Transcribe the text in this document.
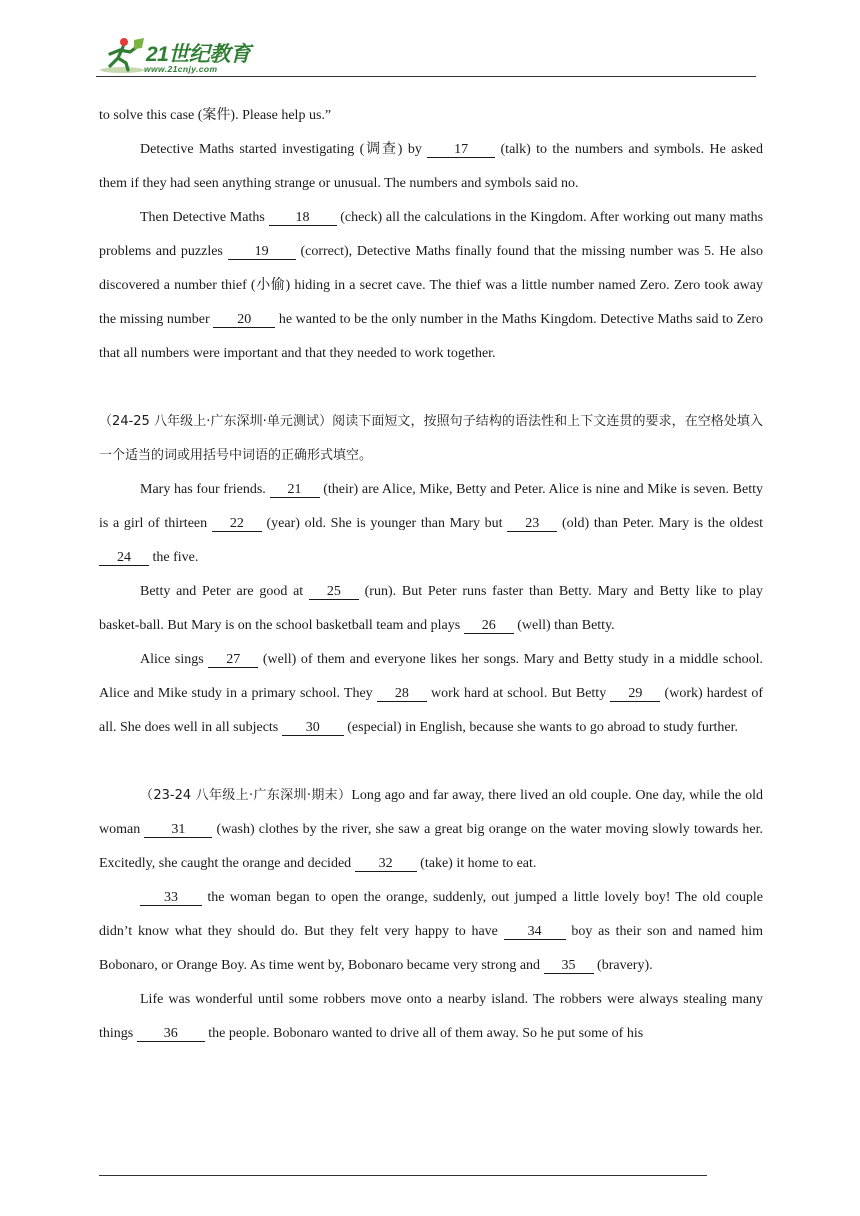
21世纪教育
www.21cnjy.com

to solve this case (案件). Please help us.”

Detective Maths started investigating (调查) by 17 (talk) to the numbers and symbols. He asked them if they had seen anything strange or unusual. The numbers and symbols said no.

Then Detective Maths 18 (check) all the calculations in the Kingdom. After working out many maths problems and puzzles 19 (correct), Detective Maths finally found that the missing number was 5. He also discovered a number thief (小偷) hiding in a secret cave. The thief was a little number named Zero. Zero took away the missing number 20 he wanted to be the only number in the Maths Kingdom. Detective Maths said to Zero that all numbers were important and that they needed to work together.

（24-25 八年级上·广东深圳·单元测试）阅读下面短文，按照句子结构的语法性和上下文连贯的要求，在空格处填入一个适当的词或用括号中词语的正确形式填空。

Mary has four friends. 21 (their) are Alice, Mike, Betty and Peter. Alice is nine and Mike is seven. Betty is a girl of thirteen 22 (year) old. She is younger than Mary but 23 (old) than Peter. Mary is the oldest 24 the five.

Betty and Peter are good at 25 (run). But Peter runs faster than Betty. Mary and Betty like to play basket-ball. But Mary is on the school basketball team and plays 26 (well) than Betty.

Alice sings 27 (well) of them and everyone likes her songs. Mary and Betty study in a middle school. Alice and Mike study in a primary school. They 28 work hard at school. But Betty 29 (work) hardest of all. She does well in all subjects 30 (especial) in English, because she wants to go abroad to study further.

（23-24 八年级上·广东深圳·期末）Long ago and far away, there lived an old couple. One day, while the old woman 31 (wash) clothes by the river, she saw a great big orange on the water moving slowly towards her. Excitedly, she caught the orange and decided 32 (take) it home to eat.

33 the woman began to open the orange, suddenly, out jumped a little lovely boy! The old couple didn’t know what they should do. But they felt very happy to have 34 boy as their son and named him Bobonaro, or Orange Boy. As time went by, Bobonaro became very strong and 35 (bravery).

Life was wonderful until some robbers move onto a nearby island. The robbers were always stealing many things 36 the people. Bobonaro wanted to drive all of them away. So he put some of his
